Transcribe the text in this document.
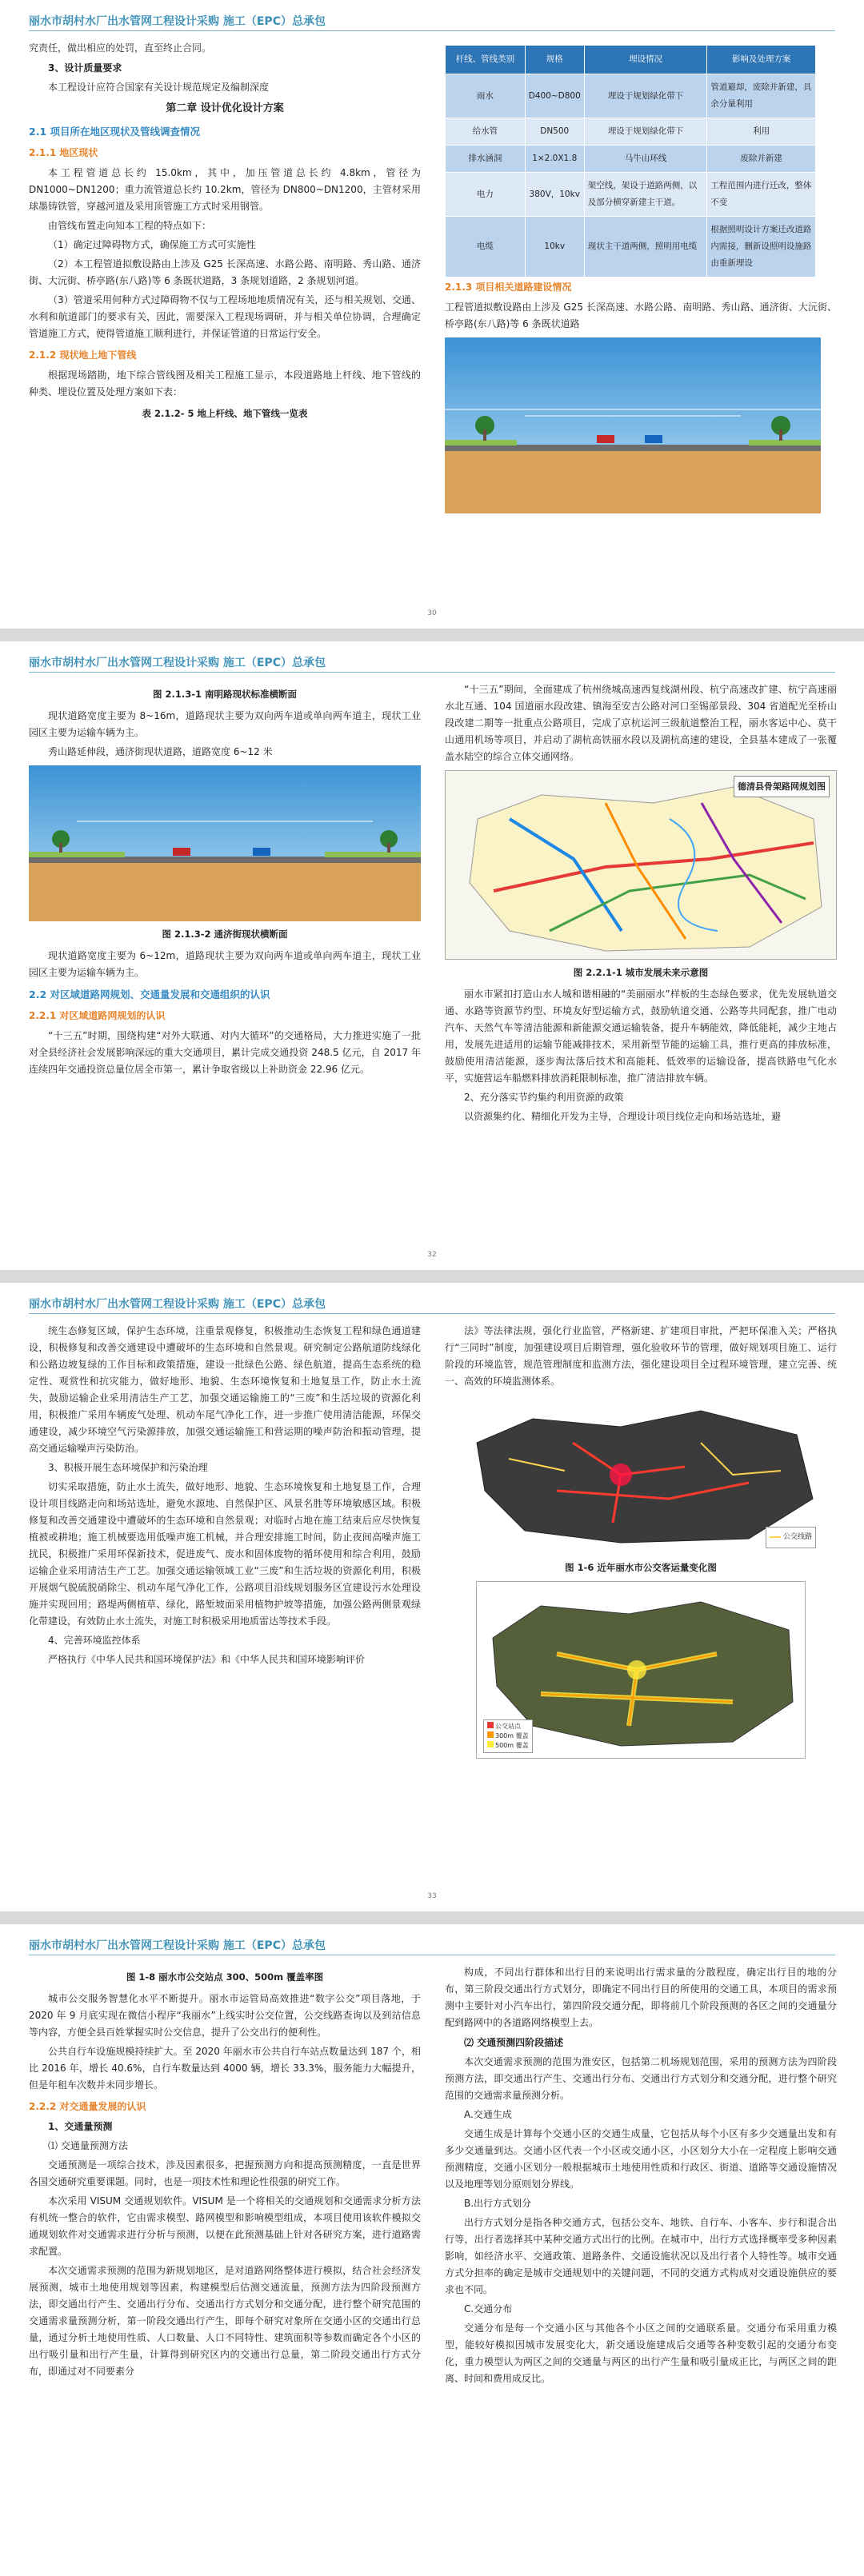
丽水市胡村水厂出水管网工程设计采购 施工（EPC）总承包

究责任，做出相应的处罚，直至终止合同。

3、设计质量要求

本工程设计应符合国家有关设计规范规定及编制深度

第二章 设计优化设计方案
2.1 项目所在地区现状及管线调查情况
2.1.1 地区现状

本工程管道总长约 15.0km，其中，加压管道总长约 4.8km，管径为 DN1000~DN1200；重力流管道总长约 10.2km，管径为 DN800~DN1200，主管材采用球墨铸铁管，穿越河道及采用顶管施工方式时采用钢管。

由管线布置走向知本工程的特点如下：

（1）确定过障碍物方式，确保施工方式可实施性

（2）本工程管道拟敷设路由上涉及 G25 长深高速、水路公路、南明路、秀山路、通济街、大沅街、桥亭路(东八路)等 6 条既状道路，3 条规划道路，2 条规划河道。

（3）管道采用何种方式过障碍物不仅与工程场地地质情况有关，还与相关规划、交通、水利和航道部门的要求有关，因此，需要深入工程现场调研，并与相关单位协调，合理确定管道施工方式，使得管道施工顺利进行，并保证管道的日常运行安全。

2.1.2 现状地上地下管线

根据现场踏勘，地下综合管线图及相关工程施工显示，本段道路地上杆线、地下管线的种类、埋设位置及处理方案如下表：

表 2.1.2- 5 地上杆线、地下管线一览表
杆线、管线类别	规格	埋设情况	影响及处理方案
雨水	D400~D800	埋设于规划绿化带下	管道避却，废除并新建，具余分量利用
给水管	DN500	埋设于规划绿化带下	利用
排水涵洞	1×2.0X1.8	马牛山环线	废除并新建
电力	380V，10kv	架空线，架设于道路两侧，以及部分横穿新建主干道。	工程范围内进行迁改，整体不变
电缆	10kv	现状主干道两侧，照明用电缆	根据照明设计方案迁改道路内需接，删新设照明设施路由重新埋设
2.1.3 项目相关道路建设情况

工程管道拟敷设路由上涉及 G25 长深高速、水路公路、南明路、秀山路、通济街、大沅街、桥亭路(东八路)等 6 条既状道路

30
丽水市胡村水厂出水管网工程设计采购 施工（EPC）总承包
图 2.1.3-1 南明路现状标准横断面

现状道路宽度主要为 8~16m，道路现状主要为双向两车道或单向两车道主，现状工业园区主要为运输车辆为主。

秀山路延伸段，通济街现状道路，道路宽度 6~12 米

图 2.1.3-2 通济街现状横断面

现状道路宽度主要为 6~12m，道路现状主要为双向两车道或单向两车道主，现状工业园区主要为运输车辆为主。

2.2 对区域道路网规划、交通量发展和交通组织的认识
2.2.1 对区域道路网规划的认识

“十三五”时期，围绕构建“对外大联通、对内大循环”的交通格局，大力推进实施了一批对全县经济社会发展影响深远的重大交通项目，累计完成交通投资 248.5 亿元，自 2017 年连续四年交通投资总量位居全市第一，累计争取省级以上补助资金 22.96 亿元。

“十三五”期间，全面建成了杭州绕城高速西复线湖州段、杭宁高速改扩建、杭宁高速丽水北互通、104 国道丽水段改建、镇海至安吉公路对河口至锡部景段、304 省道配光至桥山段改建二期等一批重点公路项目，完成了京杭运河三级航道整治工程，丽水客运中心、莫干山通用机场等项目，并启动了湖杭高铁丽水段以及湖杭高速的建设，全县基本建成了一张覆盖水陆空的综合立体交通网络。

德清县骨架路网规划图
图 2.2.1-1 城市发展未来示意图

丽水市紧扣打造山水人城和谐相融的“美丽丽水”样板的生态绿色要求，优先发展轨道交通、水路等资源节约型、环境友好型运输方式，鼓励轨道交通、公路等共同配套，推广电动汽车、天然气车等清洁能源和新能源交通运输装备，提升车辆能效，降低能耗，减少主地占用，发展先进适用的运输节能减排技术，采用新型节能的运输工具，推行更高的排放标准，鼓励使用清洁能源，逐步淘汰落后技术和高能耗、低效率的运输设备，提高铁路电气化水平，实施营运车船燃料排放消耗限制标准，推广清洁排放车辆。

2、充分落实节约集约利用资源的政策

以资源集约化、精细化开发为主导，合理设计项目线位走向和场站选址，避

32
丽水市胡村水厂出水管网工程设计采购 施工（EPC）总承包

统生态修复区域，保护生态环境，注重景观修复，积极推动生态恢复工程和绿色通道建设，积极修复和改善交通建设中遭破坏的生态环境和自然景观。研究制定公路航道防线绿化和公路边坡复绿的工作目标和政策措施，建设一批绿色公路、绿色航道，提高生态系统的稳定性、观赏性和抗灾能力，做好地形、地貌、生态环境恢复和土地复垦工作，防止水土流失，鼓励运输企业采用清洁生产工艺，加强交通运输施工的“三废”和生活垃圾的资源化利用，积极推广采用车辆废气处理、机动车尾气净化工作，进一步推广使用清洁能源，环保交通建设，减少环境空气污染源排放，加强交通运输施工和营运期的噪声防治和振动管理，提高交通运输噪声污染防治。

3、积极开展生态环境保护和污染治理

切实采取措施，防止水土流失，做好地形、地貌、生态环境恢复和土地复垦工作，合理设计项目线路走向和场站选址，避免水源地、自然保护区、风景名胜等环境敏感区域。积极修复和改善交通建设中遭破坏的生态环境和自然景观；对临时占地在施工结束后应尽快恢复植被或耕地；施工机械要选用低噪声施工机械，并合理安排施工时间，防止夜间高噪声施工扰民，积极推广采用环保新技术，促进废气、废水和固体废物的循环使用和综合利用，鼓励运输企业采用清洁生产工艺。加强交通运输领域工业“三废”和生活垃圾的资源化利用，积极开展烟气脱硫脱硝除尘、机动车尾气净化工作，公路项目沿线规划服务区宜建设污水处理设施并实现回用；路堤两侧植草、绿化，路堑坡面采用植物护坡等措施，加强公路两侧景观绿化带建设，有效防止水土流失，对施工时积极采用地质雷达等技术手段。

4、完善环境监控体系

严格执行《中华人民共和国环境保护法》和《中华人民共和国环境影响评价

法》等法律法规，强化行业监管，严格新建、扩建项目审批，严把环保准入关；严格执行“三同时”制度，加强建设项目后期管理，强化验收环节的管理，做好规划项目施工、运行阶段的环境监管，规范管理制度和监测方法，强化建设项目全过程环境管理，建立完善、统一、高效的环境监测体系。

公交线路
图 1-6 近年丽水市公交客运量变化图
公交站点
300m 覆盖
500m 覆盖
33
丽水市胡村水厂出水管网工程设计采购 施工（EPC）总承包
图 1-8 丽水市公交站点 300、500m 覆盖率图

城市公交服务智慧化水平不断提升。丽水市运管局高效推进“数字公交”项目落地，于 2020 年 9 月底实现在微信小程序“我丽水”上线实时公交位置，公交线路查询以及到站信息等内容，方便全县百姓掌握实时公交信息，提升了公交出行的便利性。

公共自行车设施规模持续扩大。至 2020 年丽水市公共自行车站点数量达到 187 个，相比 2016 年，增长 40.6%，自行车数量达到 4000 辆，增长 33.3%，服务能力大幅提升，但是年租车次数并未同步增长。

2.2.2 对交通量发展的认识
1、交通量预测

⑴ 交通量预测方法

交通预测是一项综合技术，涉及因素很多，把握预测方向和提高预测精度，一直是世界各国交通研究重要课题。同时，也是一项技术性和理论性很强的研究工作。

本次采用 VISUM 交通规划软件。VISUM 是一个将相关的交通规划和交通需求分析方法有机统一整合的软件，它由需求模型、路网模型和影响模型组成，本项目使用该软件模拟交通规划软件对交通需求进行分析与预测，以便在此预测基础上针对各研究方案，进行道路需求配置。

本次交通需求预测的范围为新规划地区，是对道路网络整体进行模拟，结合社会经济发展预测，城市土地使用规划等因素，构建模型后估测交通流量，预测方法为四阶段预测方法，即交通出行产生、交通出行分布、交通出行方式划分和交通分配，进行整个研究范围的交通需求量预测分析，第一阶段交通出行产生，即每个研究对象所在交通小区的交通出行总量，通过分析土地使用性质、人口数量、人口不同特性、建筑面积等参数而确定各个小区的出行吸引量和出行产生量，计算得到研究区内的交通出行总量，第二阶段交通出行方式分布，即通过对不同要素分

构成，不同出行群体和出行目的来说明出行需求量的分散程度，确定出行目的地的分布，第三阶段交通出行方式划分，即确定不同出行目的所使用的交通工具，本项目的需求预测中主要针对小汽车出行，第四阶段交通分配，即将前几个阶段预测的各区之间的交通量分配到路网中的各道路网络模型上去。

⑵ 交通预测四阶段描述

本次交通需求预测的范围为淮安区，包括第二机场规划范围，采用的预测方法为四阶段预测方法，即交通出行产生、交通出行分布、交通出行方式划分和交通分配，进行整个研究范围的交通需求量预测分析。

A.交通生成

交通生成是计算每个交通小区的交通生成量，它包括从每个小区有多少交通量出发和有多少交通量到达。交通小区代表一个小区或交通小区，小区划分大小在一定程度上影响交通预测精度，交通小区划分一般根据城市土地使用性质和行政区、街道、道路等交通设施情况以及地理等划分原则划分界线。

B.出行方式划分

出行方式划分是指各种交通方式，包括公交车、地铁、自行车、小客车、步行和混合出行等，出行者选择其中某种交通方式出行的比例。在城市中，出行方式选择概率受多种因素影响，如经济水平、交通政策、道路条件、交通设施状况以及出行者个人特性等。城市交通方式分担率的确定是城市交通规划中的关键问题，不同的交通方式构成对交通设施供应的要求也不同。

C.交通分布

交通分布是每一个交通小区与其他各个小区之间的交通联系量。交通分布采用重力模型，能较好模拟因城市发展变化大，新交通设施建成后交通等各种变数引起的交通分布变化，重力模型认为两区之间的交通量与两区的出行产生量和吸引量成正比，与两区之间的距离、时间和费用成反比。
